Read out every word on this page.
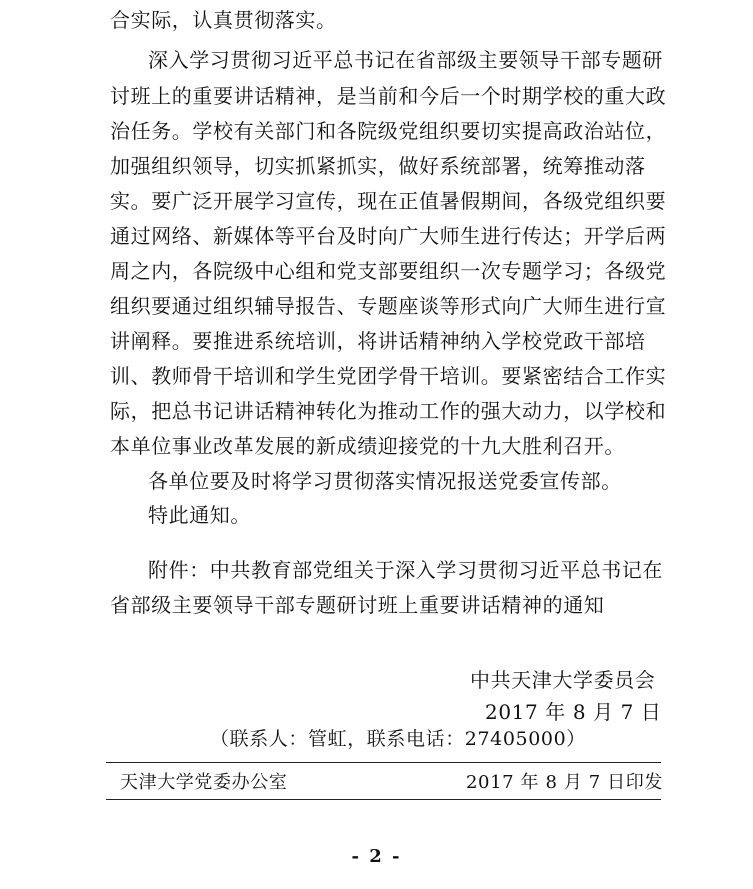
合实际，认真贯彻落实。
深入学习贯彻习近平总书记在省部级主要领导干部专题研
讨班上的重要讲话精神，是当前和今后一个时期学校的重大政
治任务。学校有关部门和各院级党组织要切实提高政治站位，
加强组织领导，切实抓紧抓实，做好系统部署，统筹推动落
实。要广泛开展学习宣传，现在正值暑假期间，各级党组织要
通过网络、新媒体等平台及时向广大师生进行传达；开学后两
周之内，各院级中心组和党支部要组织一次专题学习；各级党
组织要通过组织辅导报告、专题座谈等形式向广大师生进行宣
讲阐释。要推进系统培训，将讲话精神纳入学校党政干部培
训、教师骨干培训和学生党团学骨干培训。要紧密结合工作实
际，把总书记讲话精神转化为推动工作的强大动力，以学校和
本单位事业改革发展的新成绩迎接党的十九大胜利召开。
各单位要及时将学习贯彻落实情况报送党委宣传部。
特此通知。
附件：中共教育部党组关于深入学习贯彻习近平总书记在
省部级主要领导干部专题研讨班上重要讲话精神的通知
中共天津大学委员会
2017 年 8 月 7 日
（联系人：管虹，联系电话：27405000）
天津大学党委办公室	2017 年 8 月 7 日印发
- 2 -
